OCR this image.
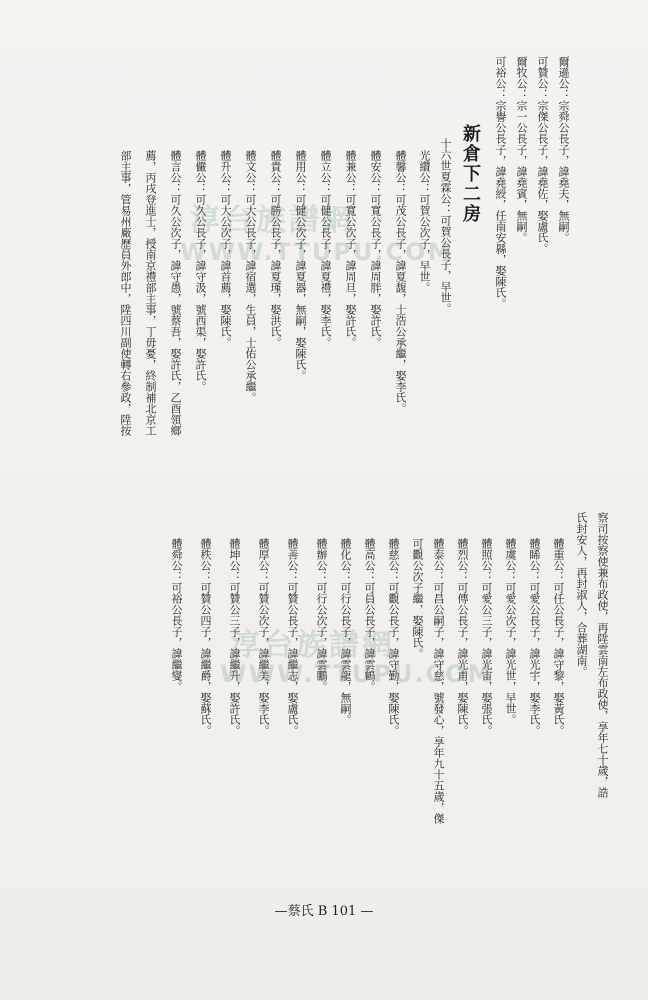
爾遜公：宗舜公長子，諱堯夫，無嗣。
可贊公：宗傑公長子，諱堯佐，娶盧氏。
爾牧公：宗一公長子，諱堯賓，無嗣。
可裕公：宗譽公長子，諱堯綬，任南安縣，娶陳氏。
新倉下二房
十六世夏霖公：可賀公長子，早世。
光纘公：可賀公次子，早世。
體馨公：可茂公長子，諱夏馥，士浩公承繼，娶李氏。
體安公：可寬公長子，諱周胖，娶許氏。
體兼公：可寬公次子，諱周旦，娶許氏。
體立公：可健公長子，諱夏禮，娶李氏。
體用公：可健公次子，諱夏器，無嗣，娶陳氏。
體貴公：可勝公長子，諱夏瑾，娶洪氏。
體文公：可大公長子，諱宿選，生員，士佑公承繼。
體升公：可大公次子，諱首薦，娶陳氏。
體儼公：可久公長子，諱守汲，號西渠，娶許氏。
體言公：可久公次子，諱守愚，號蔡吾，娶許氏，乙酉領鄉
薦，丙戌登進士，授南京禮部主事，丁毋憂，終制補北京工
部主事，管易州廠歷員外郎中，陞四川副使轉右參政，陞按
察司按察使兼布政使，再陞雲南左布政使，享年七十歲，誥
氏封安人，再封淑人，合葬湖南。
體重公：可任公長子，諱守黎，娶黃氏。
體睎公：可愛公長子，諱光宇，娶李氏。
體虞公：可愛公次子，諱光世，早世。
體照公：可愛公三子，諱光宙，娶張氏。
體烈公：可傳公長子，諱光甫，娶陳氏。
體泰公：可昌公嗣子，諱守慈，號發心，享年九十五歲，傑
可觀公次子繼，娶陳氏。
體慈公：可觀公長子，諱守勤，娶陳氏。
體高公：可員公長子，諱雲鶴。
體化公：可行公長子，諱雲龍，無嗣。
體辦公：可行公次子，諱雲鵬。
體善公：可贊公長子，諱繼志，娶盧氏。
體厚公：可贊公次子，諱繼美，娶李氏。
體坤公：可贊公三子，諱繼升，娶許氏。
體秩公：可贊公四子，諱繼爵，娶蘇氏。
體舜公：可裕公長子，諱繼燮。
淳台族譜網
WWW.TTUPU.COM
淳台族譜網
WWW.TTUPU.COM
—蔡氏 B 101 —
